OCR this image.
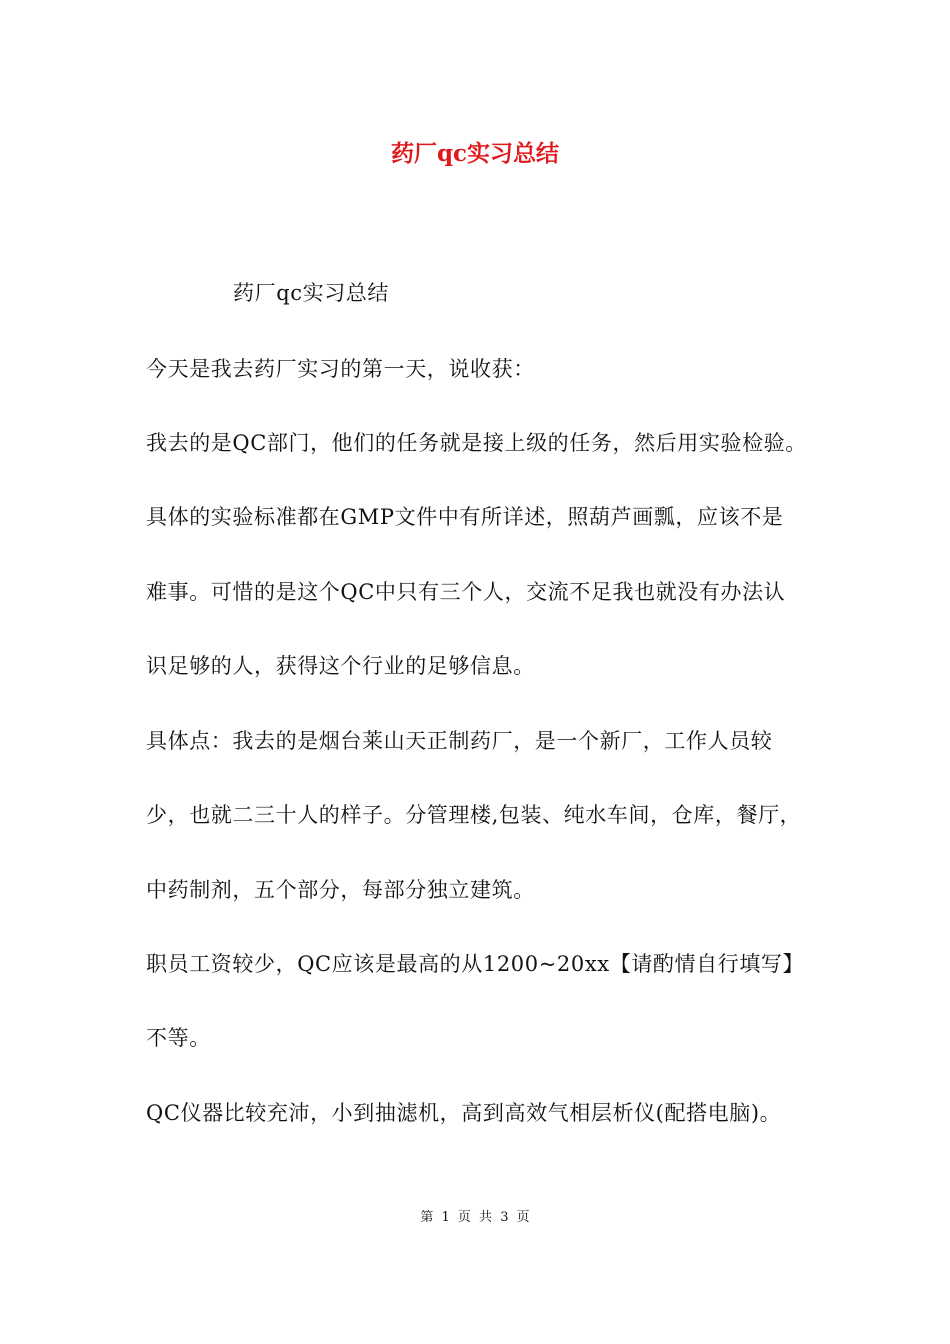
药厂qc实习总结
药厂qc实习总结
今天是我去药厂实习的第一天，说收获：
我去的是QC部门，他们的任务就是接上级的任务，然后用实验检验。
具体的实验标准都在GMP文件中有所详述，照葫芦画瓢，应该不是
难事。可惜的是这个QC中只有三个人，交流不足我也就没有办法认
识足够的人，获得这个行业的足够信息。
具体点：我去的是烟台莱山天正制药厂，是一个新厂，工作人员较
少，也就二三十人的样子。分管理楼,包装、纯水车间，仓库，餐厅，
中药制剂，五个部分，每部分独立建筑。
职员工资较少，QC应该是最高的从1200~20xx【请酌情自行填写】
不等。
QC仪器比较充沛，小到抽滤机，高到高效气相层析仪(配搭电脑)。
第 1 页 共 3 页
